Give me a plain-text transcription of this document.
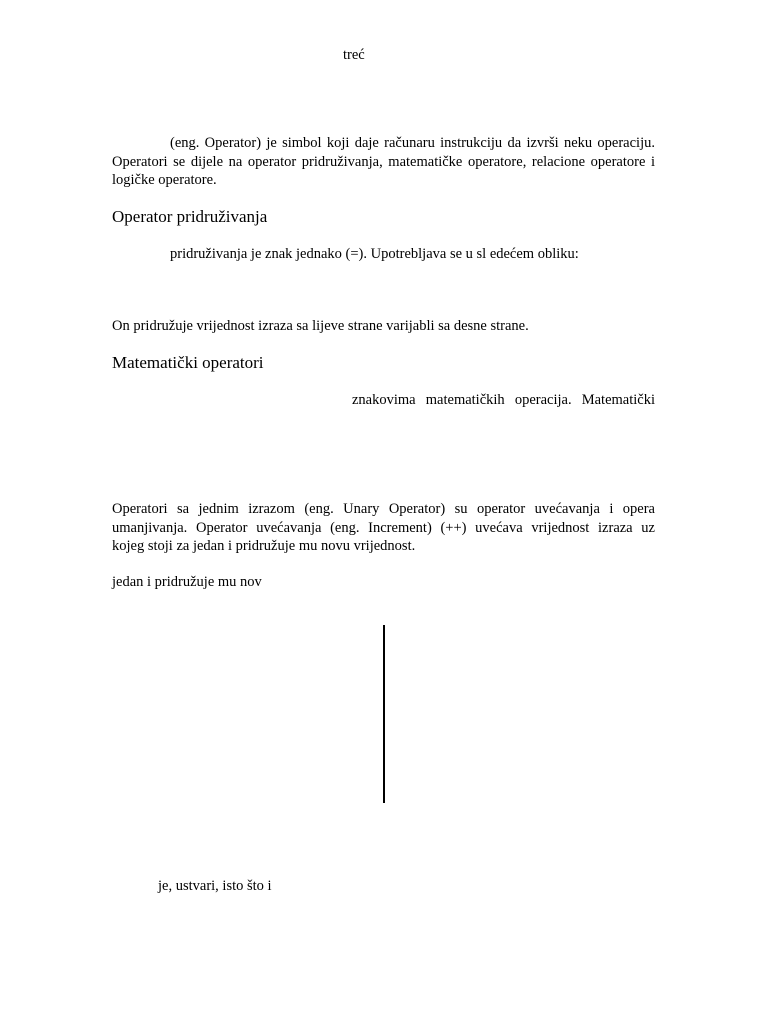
treć
(eng. Operator) je simbol koji daje računaru instrukciju da izvrši neku operaciju.
Operatori se dijele na operator pridruživanja, matematičke operatore, relacione operatore i
logičke operatore.
Operator pridruživanja
pridruživanja je znak jednako (=). Upotrebljava se u sl edećem obliku:
On pridružuje vrijednost izraza sa lijeve strane varijabli sa desne strane.
Matematički operatori
znakovima matematičkih operacija. Matematički
Operatori sa jednim izrazom (eng. Unary Operator) su operator uvećavanja i opera
umanjivanja. Operator uvećavanja (eng. Increment) (++) uvećava vrijednost izraza uz
kojeg stoji za jedan i pridružuje mu novu vrijednost.
jedan i pridružuje mu nov
je, ustvari, isto što i
